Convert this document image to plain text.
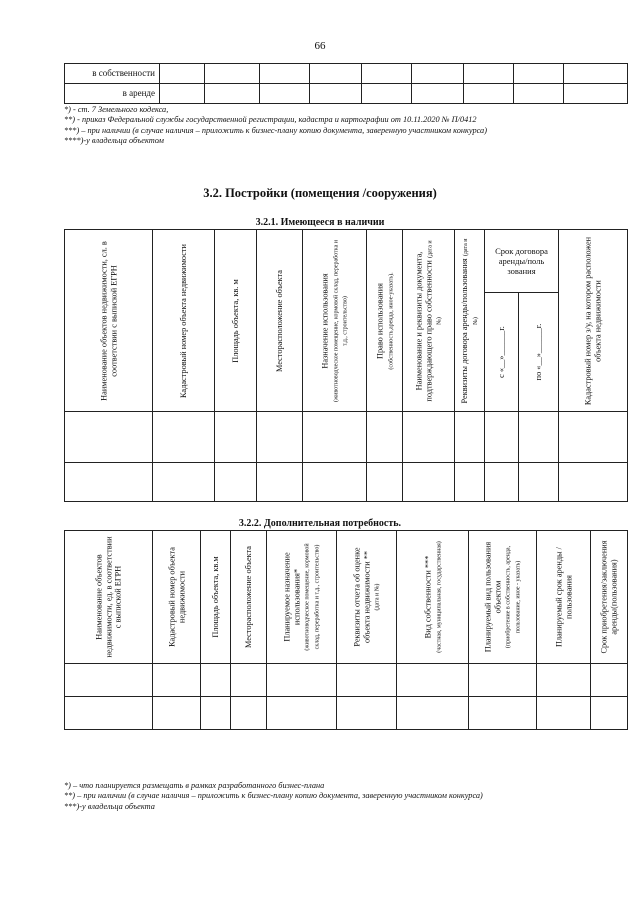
66
в собственности									
в аренде									
*) - ст. 7 Земельного кодекса,
**) - приказ Федеральной службы государственной регистрации, кадастра и картографии от 10.11.2020 № П/0412
***) – при наличии (в случае наличия – приложить к бизнес-плану копию документа, заверенную участником конкурса)
****)-у владельца объектом
3.2. Постройки (помещения /сооружения)
3.2.1. Имеющееся в наличии
Наименование объектов недвижимости, сл. в соответствии с выпиской ЕГРН	Кадастровый номер объекта недвижимости	Площадь объекта, кв. м	Месторасположение объекта	Назначение использования (животноводческое помещение, кормовой склад, переработка и т.д., строительство)	Право использования (собственность,аренда, иное-указать).	Наименование и реквизиты документа, подтверждающего право собственности (дата и №)	Реквизиты договора аренды/пользования (дата и №)	Срок договора аренды/поль зования		Кадастровый номер з/у, на котором расположен объекта недвижимости

								с «__»______г.	по «__»______г.	

3.2.2. Дополнительная потребность.
Наименование объектов недвижимости, ед. в соответствии с выпиской ЕГРН	Кадастровый номер объекта недвижимости	Площадь объекта, кв.м	Месторасположение объекта	Планируемое назначение использования* (животноводческое помещение, кормовой склад, переработка и т.д., строительство)	Реквизиты отчета об оценке объекта недвижимости ** (дата и №)	Вид собственности *** (частная, муниципальная, государственная)	Планируемый вид пользования объектом (приобретение в собственность, аренда, пользование, иное - указать)	Планируемый срок аренды /пользования	Срок приобретения/заключения аренды(пользования)

*) – что планируется размещать в рамках разработанного бизнес-плана
**) – при наличии (в случае наличия – приложить к бизнес-плану копию документа, заверенную участником конкурса)
***)-у владельца объекта
